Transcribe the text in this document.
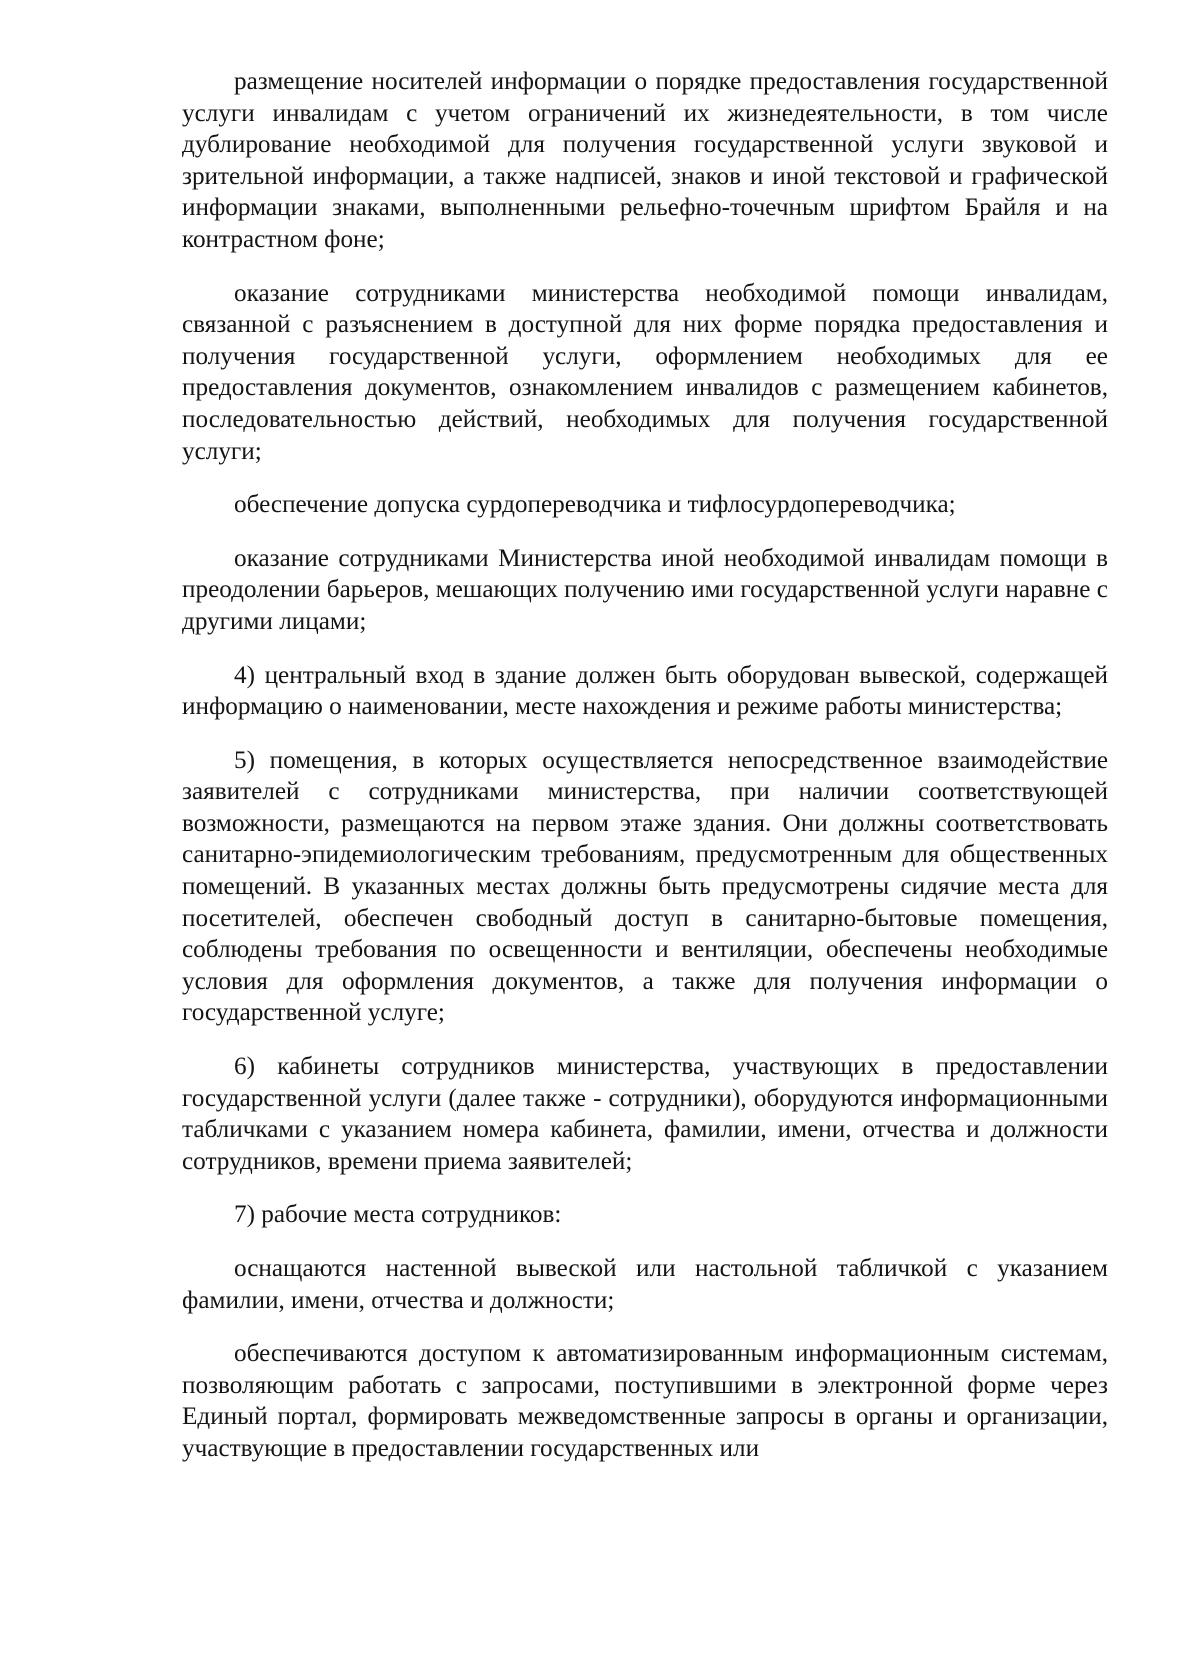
размещение носителей информации о порядке предоставления государственной услуги инвалидам с учетом ограничений их жизнедеятельности, в том числе дублирование необходимой для получения государственной услуги звуковой и зрительной информации, а также надписей, знаков и иной текстовой и графической информации знаками, выполненными рельефно-точечным шрифтом Брайля и на контрастном фоне;

оказание сотрудниками министерства необходимой помощи инвалидам, связанной с разъяснением в доступной для них форме порядка предоставления и получения государственной услуги, оформлением необходимых для ее предоставления документов, ознакомлением инвалидов с размещением кабинетов, последовательностью действий, необходимых для получения государственной услуги;

обеспечение допуска сурдопереводчика и тифлосурдопереводчика;

оказание сотрудниками Министерства иной необходимой инвалидам помощи в преодолении барьеров, мешающих получению ими государственной услуги наравне с другими лицами;

4) центральный вход в здание должен быть оборудован вывеской, содержащей информацию о наименовании, месте нахождения и режиме работы министерства;

5) помещения, в которых осуществляется непосредственное взаимодействие заявителей с сотрудниками министерства, при наличии соответствующей возможности, размещаются на первом этаже здания. Они должны соответствовать санитарно-эпидемиологическим требованиям, предусмотренным для общественных помещений. В указанных местах должны быть предусмотрены сидячие места для посетителей, обеспечен свободный доступ в санитарно-бытовые помещения, соблюдены требования по освещенности и вентиляции, обеспечены необходимые условия для оформления документов, а также для получения информации о государственной услуге;

6) кабинеты сотрудников министерства, участвующих в предоставлении государственной услуги (далее также - сотрудники), оборудуются информационными табличками с указанием номера кабинета, фамилии, имени, отчества и должности сотрудников, времени приема заявителей;

7) рабочие места сотрудников:

оснащаются настенной вывеской или настольной табличкой с указанием фамилии, имени, отчества и должности;

обеспечиваются доступом к автоматизированным информационным системам, позволяющим работать с запросами, поступившими в электронной форме через Единый портал, формировать межведомственные запросы в органы и организации, участвующие в предоставлении государственных или
